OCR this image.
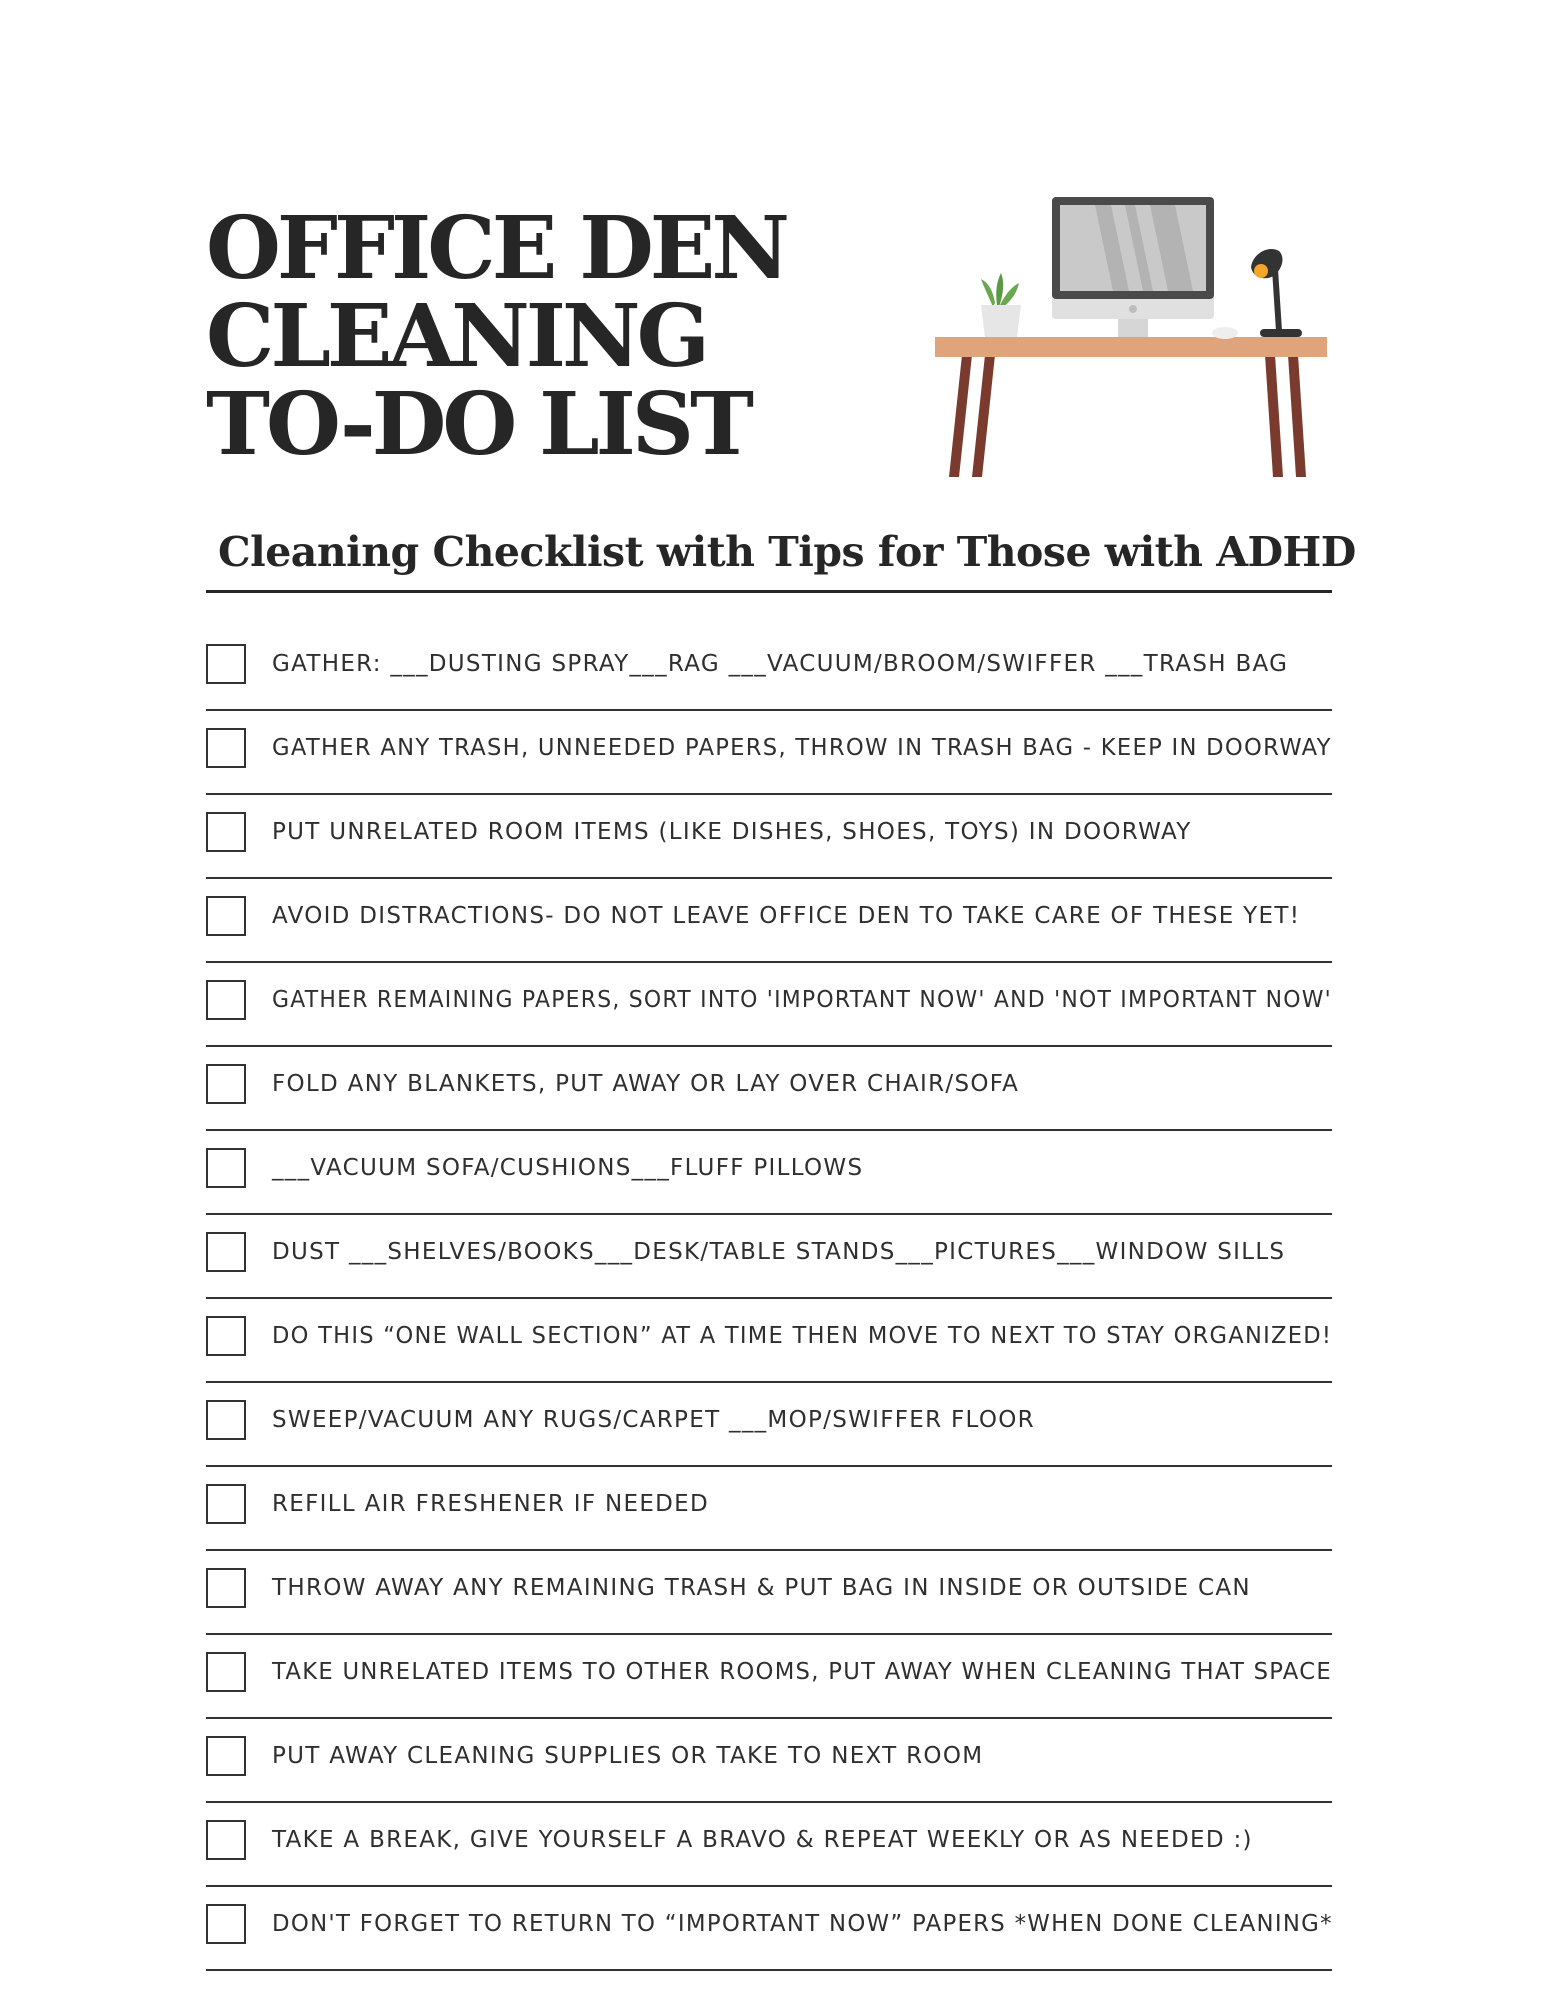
OFFICE DEN
CLEANING
TO-DO LIST
Cleaning Checklist with Tips for Those with ADHD
GATHER: ___DUSTING SPRAY___RAG ___VACUUM/BROOM/SWIFFER ___TRASH BAG
GATHER ANY TRASH, UNNEEDED PAPERS, THROW IN TRASH BAG - KEEP IN DOORWAY
PUT UNRELATED ROOM ITEMS (LIKE DISHES, SHOES, TOYS) IN DOORWAY
AVOID DISTRACTIONS- DO NOT LEAVE OFFICE DEN TO TAKE CARE OF THESE YET!
GATHER REMAINING PAPERS, SORT INTO 'IMPORTANT NOW' AND 'NOT IMPORTANT NOW'
FOLD ANY BLANKETS, PUT AWAY OR LAY OVER CHAIR/SOFA
___VACUUM SOFA/CUSHIONS___FLUFF PILLOWS
DUST ___SHELVES/BOOKS___DESK/TABLE STANDS___PICTURES___WINDOW SILLS
DO THIS “ONE WALL SECTION” AT A TIME THEN MOVE TO NEXT TO STAY ORGANIZED!
SWEEP/VACUUM ANY RUGS/CARPET ___MOP/SWIFFER FLOOR
REFILL AIR FRESHENER IF NEEDED
THROW AWAY ANY REMAINING TRASH & PUT BAG IN INSIDE OR OUTSIDE CAN
TAKE UNRELATED ITEMS TO OTHER ROOMS, PUT AWAY WHEN CLEANING THAT SPACE
PUT AWAY CLEANING SUPPLIES OR TAKE TO NEXT ROOM
TAKE A BREAK, GIVE YOURSELF A BRAVO & REPEAT WEEKLY OR AS NEEDED :)
DON'T FORGET TO RETURN TO “IMPORTANT NOW” PAPERS *WHEN DONE CLEANING*
